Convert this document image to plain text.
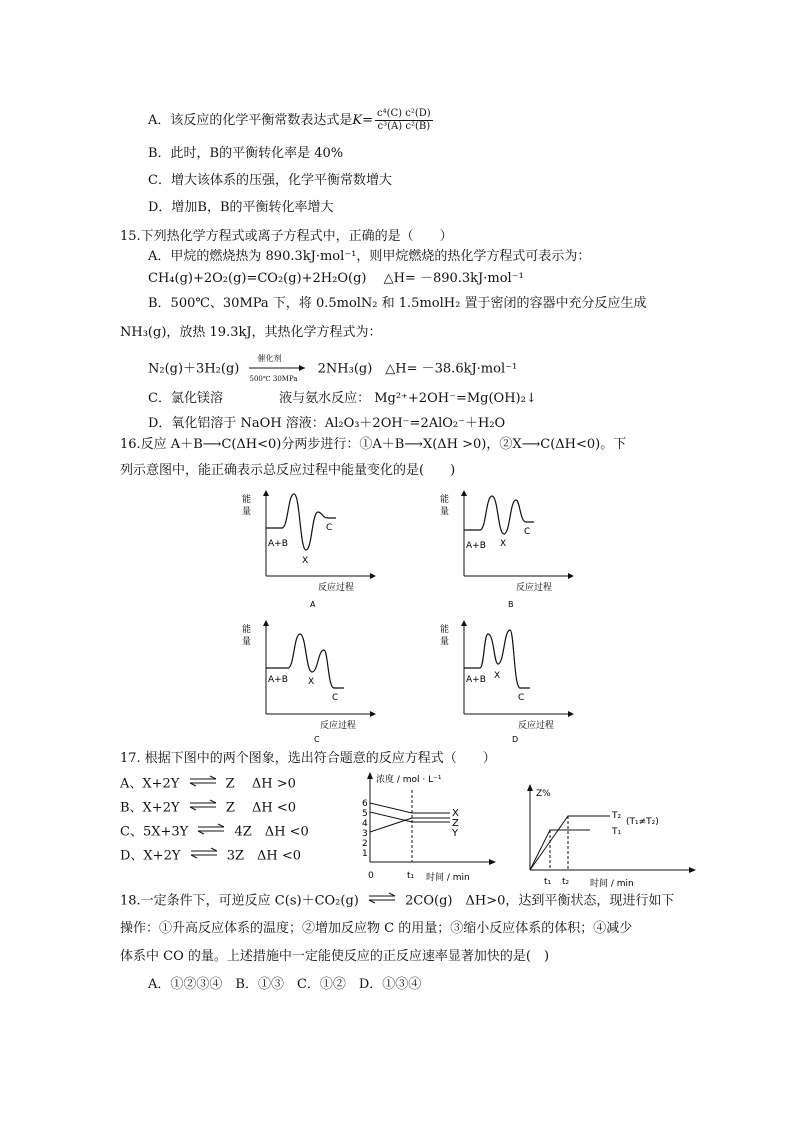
A．该反应的化学平衡常数表达式是$K= \frac{\text{c⁴(C) c²(D)}}{\text{c³(A) c²(B)}}$
B．此时，B的平衡转化率是 40%
C．增大该体系的压强，化学平衡常数增大
D．增加B，B的平衡转化率增大
15.下列热化学方程式或离子方程式中，正确的是（　　）
A．甲烷的燃烧热为 890.3kJ·mol⁻¹，则甲烷燃烧的热化学方程式可表示为：
CH₄(g)+2O₂(g)=CO₂(g)+2H₂O(g)　 △H= －890.3kJ·mol⁻¹
B．500℃、30MPa 下，将 0.5molN₂ 和 1.5molH₂ 置于密闭的容器中充分反应生成
NH₃(g)，放热 19.3kJ，其热化学方程式为：
N₂(g)＋3H₂(g)
催化剂
500℃ 30MPa
2NH₃(g)　△H= －38.6kJ·mol⁻¹
C．氯化镁溶　　　　 液与氨水反应： Mg²⁺+2OH⁻=Mg(OH)₂↓
D．氧化铝溶于 NaOH 溶液：Al₂O₃＋2OH⁻=2AlO₂⁻＋H₂O
16.反应 A＋B⟶C(ΔH<0)分两步进行：①A＋B⟶X(ΔH >0)，②X⟶C(ΔH<0)。下
列示意图中，能正确表示总反应过程中能量变化的是(　　)
能
量
A+B
X
C
反应过程
A
能
量
A+B X
C
反应过程
B
能
量
A+B X
C
反应过程
C
能
量
A+B X
C
反应过程
D
17. 根据下图中的两个图象，选出符合题意的反应方程式（　　）
A、X+2Y ⇌ Z　 ΔH >0
B、X+2Y ⇌ Z　 ΔH <0
C、5X+3Y ⇌ 4Z　ΔH <0
D、X+2Y ⇌ 3Z　ΔH <0
浓度 / mol · L⁻¹
6
5
4
3
2
1
X
Z
Y
0	t₁ 时间 / min
Z%
T₂
(T₁≠T₂)
T₁
t₁ t₂ 时间 / min
18.一定条件下，可逆反应 C(s)＋CO₂(g) ⇌ 2CO(g)　ΔH>0，达到平衡状态，现进行如下
操作：①升高反应体系的温度；②增加反应物 C 的用量；③缩小反应体系的体积；④减少
体系中 CO 的量。上述措施中一定能使反应的正反应速率显著加快的是(　)
A．①②③④　B．①③　C．①②　D．①③④
